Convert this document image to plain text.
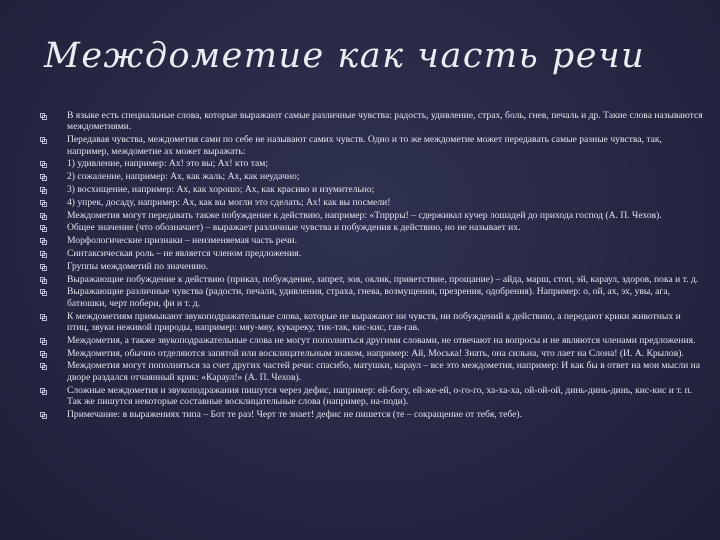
Междометие как часть речи
В языке есть специальные слова, которые выражают самые различные чувства: радость, удивление, страх, боль, гнев, печаль и др. Такие слова называются междометиями.
Передавая чувства, междометия сами по себе не называют самих чувств. Одно и то же междометие может передавать самые разные чувства, так, например, междометие ах может выражать:
1) удивление, например: Ах! это вы; Ах! кто там;
2) сожаление, например: Ах, как жаль; Ах, как неудачно;
3) восхищение, например: Ах, как хорошо; Ах, как красиво и изумительно;
4) упрек, досаду, например: Ах, как вы могли это сделать; Ах! как вы посмели!
Междометия могут передавать также побуждение к действию, например: «Тпррры! – сдерживал кучер лошадей до прихода господ (А. П. Чехов).
Общее значение (что обозначает) – выражает различные чувства и побуждения к действию, но не называет их.
Морфологические признаки – неизменяемая часть речи.
Синтаксическая роль – не является членом предложения.
Группы междометий по значению.
Выражающие побуждение к действию (приказ, побуждение, запрет, зов, оклик, приветствие, прощание) – айда, марш, стоп, эй, караул, здоров, пока и т. д.
Выражающие различные чувства (радости, печали, удивления, страха, гнева, возмущения, презрения, одобрения). Например: о, ой, ах, эх, увы, ага, батюшки, черт побери, фи и т. д.
К междометиям примыкают звукоподражательные слова, которые не выражают ни чувств, ни побуждений к действию, а передают крики животных и птиц, звуки неживой природы, например: мяу-мяу, кукареку, тик-так, кис-кис, гав-гав.
Междометия, а также звукоподражательные слова не могут пополняться другими словами, не отвечают на вопросы и не являются членами предложения.
Междометия, обычно отделяются запятой или восклицательным знаком, например: Ай, Моська! Знать, она сильна, что лает на Слона! (И. А. Крылов).
Междометия могут пополняться за счет других частей речи: спасибо, матушки, караул – все это междометия, например: И как бы в ответ на мои мысли на дворе раздался отчаянный крик: «Караул!» (А. П. Чехов).
Сложные междометия и звукоподражания пишутся через дефис, например: ей-богу, ей-же-ей, о-го-го, ха-ха-ха, ой-ой-ой, динь-динь-динь, кис-кис и т. п. Так же пишутся некоторые составные восклицательные слова (например, на-поди).
Примечание: в выражениях типа – Бот те раз! Черт те знает! дефис не пишется (те – сокращение от тебя, тебе).
